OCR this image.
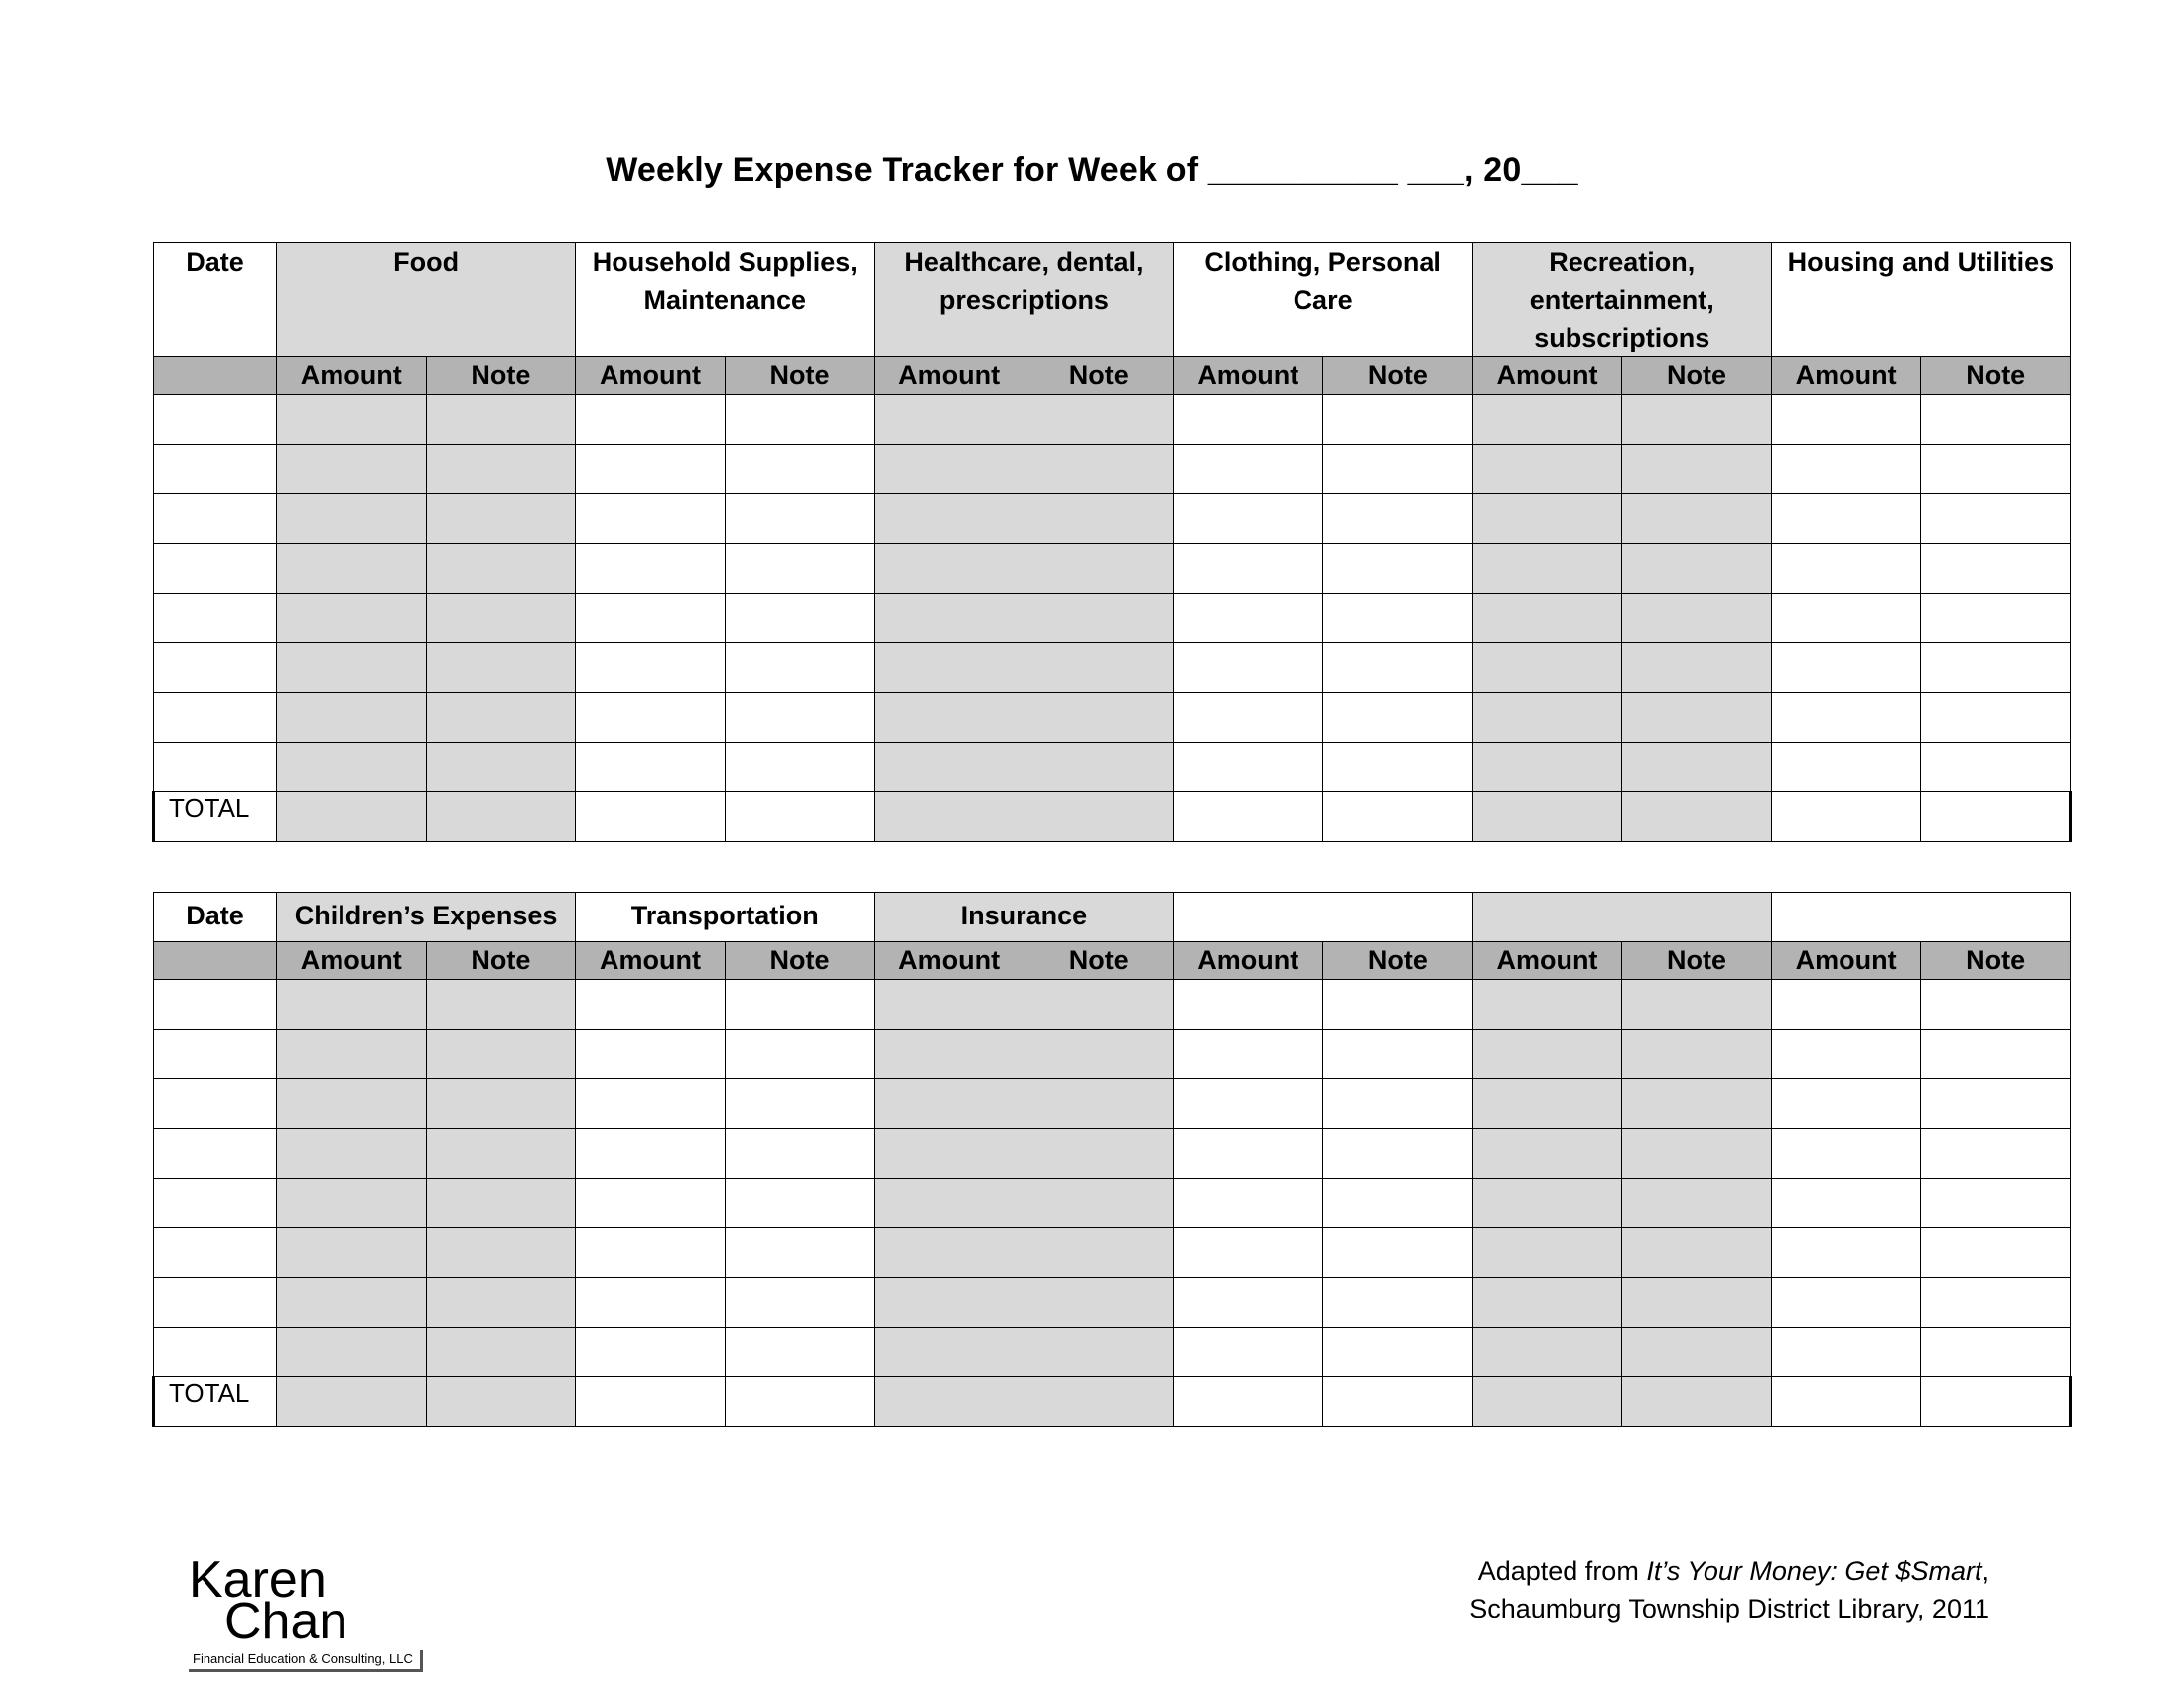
Weekly Expense Tracker for Week of __________ ___, 20___
Date	Food		Household Supplies, Maintenance		Healthcare, dental, prescriptions		Clothing, Personal Care		Recreation, entertainment, subscriptions		Housing and Utilities	
	Amount	Note	Amount	Note	Amount	Note	Amount	Note	Amount	Note	Amount	Note

TOTAL												
Date	Children’s Expenses		Transportation		Insurance							
	Amount	Note	Amount	Note	Amount	Note	Amount	Note	Amount	Note	Amount	Note

TOTAL												
Karen
Chan
Financial Education & Consulting, LLC
Adapted from It’s Your Money: Get $Smart,
Schaumburg Township District Library, 2011
